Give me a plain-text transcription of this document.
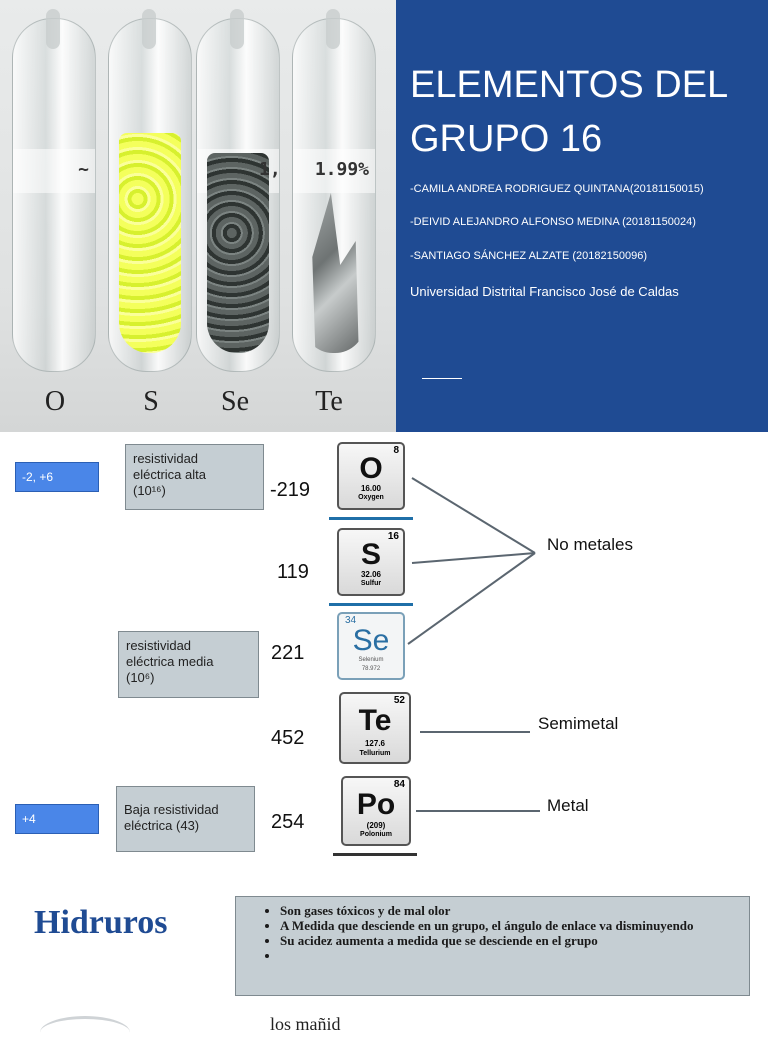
~	1, 1.99%
O	S	Se	Te
ELEMENTOS DEL
GRUPO 16
-CAMILA ANDREA RODRIGUEZ QUINTANA(20181150015)
-DEIVID ALEJANDRO ALFONSO MEDINA (20181150024)
-SANTIAGO SÁNCHEZ ALZATE (20182150096)
Universidad Distrital Francisco José de Caldas
-2, +6
+4
resistividad
eléctrica alta
(10¹⁶)
resistividad
eléctrica media
(10⁶)
Baja resistividad
eléctrica (43)
-219
119
221
452
254
8
O
16.00
Oxygen
16
S
32.06
Sulfur
34
Se
Selenium
78.972
52
Te
127.6
Tellurium
84
Po
(209)
Polonium
No metales
Semimetal
Metal
Hidruros
•	Son gases tóxicos y de mal olor
• A Medida que desciende en un grupo, el ángulo de enlace va disminuyendo
• Su acidez aumenta a medida que se desciende en el grupo
•
los mañid
